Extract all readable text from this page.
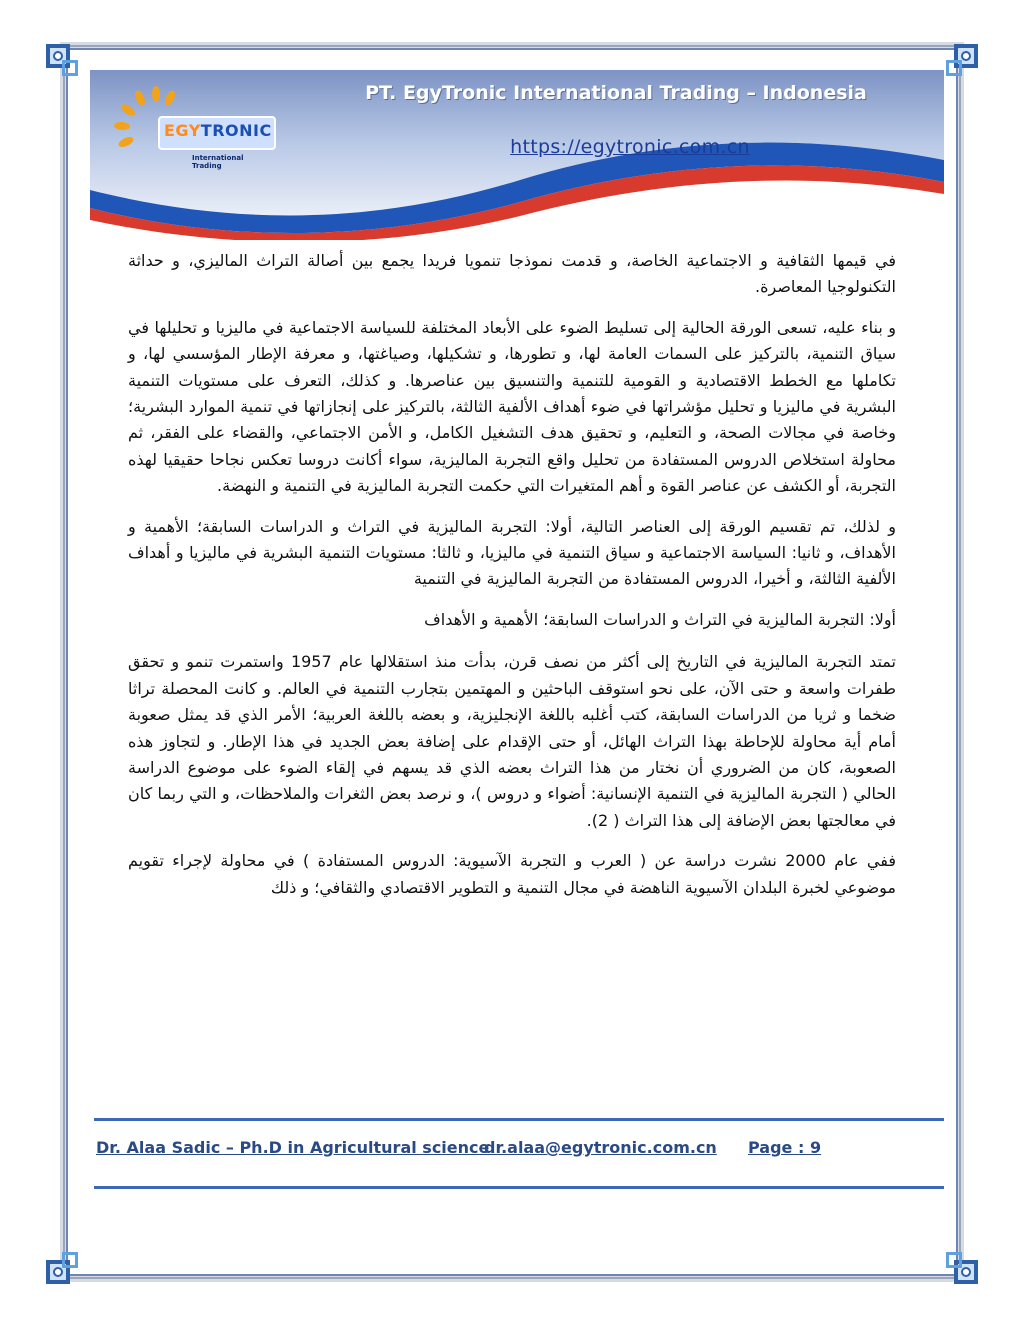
EGYTRONIC
International Trading
PT. EgyTronic International Trading – Indonesia
https://egytronic.com.cn

في قيمها الثقافية و الاجتماعية الخاصة، و قدمت نموذجا تنمويا فريدا يجمع بين أصالة التراث الماليزي، و حداثة التكنولوجيا المعاصرة.

و بناء عليه، تسعى الورقة الحالية إلى تسليط الضوء على الأبعاد المختلفة للسياسة الاجتماعية في ماليزيا و تحليلها في سياق التنمية، بالتركيز على السمات العامة لها، و تطورها، و تشكيلها، وصياغتها، و معرفة الإطار المؤسسي لها، و تكاملها مع الخطط الاقتصادية و القومية للتنمية والتنسيق بين عناصرها. و كذلك، التعرف على مستويات التنمية البشرية في ماليزيا و تحليل مؤشراتها في ضوء أهداف الألفية الثالثة، بالتركيز على إنجازاتها في تنمية الموارد البشرية؛ وخاصة في مجالات الصحة، و التعليم، و تحقيق هدف التشغيل الكامل، و الأمن الاجتماعي، والقضاء على الفقر، ثم محاولة استخلاص الدروس المستفادة من تحليل واقع التجربة الماليزية، سواء أكانت دروسا تعكس نجاحا حقيقيا لهذه التجربة، أو الكشف عن عناصر القوة و أهم المتغيرات التي حكمت التجربة الماليزية في التنمية و النهضة.

و لذلك، تم تقسيم الورقة إلى العناصر التالية، أولا: التجربة الماليزية في التراث و الدراسات السابقة؛ الأهمية و الأهداف، و ثانيا: السياسة الاجتماعية و سياق التنمية في ماليزيا، و ثالثا: مستويات التنمية البشرية في ماليزيا و أهداف الألفية الثالثة، و أخيرا، الدروس المستفادة من التجربة الماليزية في التنمية

أولا: التجربة الماليزية في التراث و الدراسات السابقة؛ الأهمية و الأهداف

تمتد التجربة الماليزية في التاريخ إلى أكثر من نصف قرن، بدأت منذ استقلالها عام 1957 واستمرت تنمو و تحقق طفرات واسعة و حتى الآن، على نحو استوقف الباحثين و المهتمين بتجارب التنمية في العالم. و كانت المحصلة تراثا ضخما و ثريا من الدراسات السابقة، كتب أغلبه باللغة الإنجليزية، و بعضه باللغة العربية؛ الأمر الذي قد يمثل صعوبة أمام أية محاولة للإحاطة بهذا التراث الهائل، أو حتى الإقدام على إضافة بعض الجديد في هذا الإطار. و لتجاوز هذه الصعوبة، كان من الضروري أن نختار من هذا التراث بعضه الذي قد يسهم في إلقاء الضوء على موضوع الدراسة الحالي ( التجربة الماليزية في التنمية الإنسانية: أضواء و دروس )، و نرصد بعض الثغرات والملاحظات، و التي ربما كان في معالجتها بعض الإضافة إلى هذا التراث ( 2).

ففي عام 2000 نشرت دراسة عن ( العرب و التجربة الآسيوية: الدروس المستفادة ) في محاولة لإجراء تقويم موضوعي لخبرة البلدان الآسيوية الناهضة في مجال التنمية و التطوير الاقتصادي والثقافي؛ و ذلك

Dr. Alaa Sadic – Ph.D in Agricultural science
dr.alaa@egytronic.com.cn Page : 9
